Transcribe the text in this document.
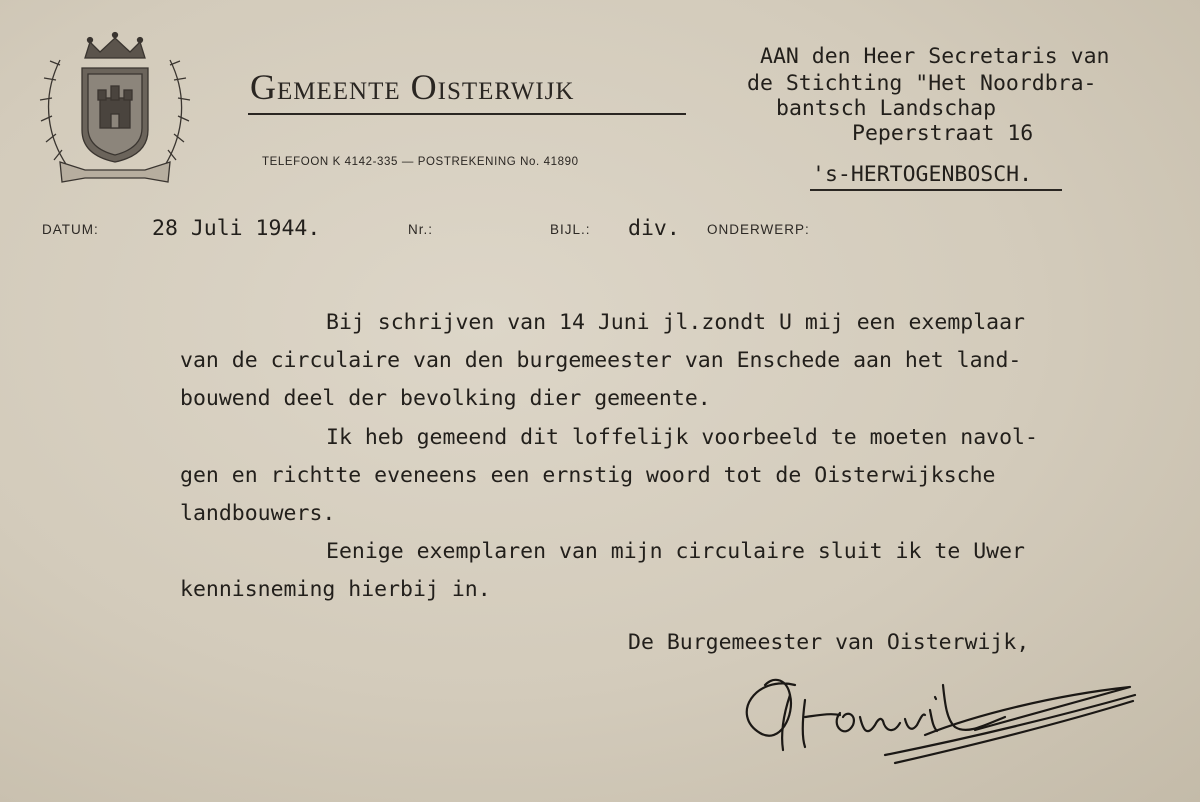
Gemeente Oisterwijk
TELEFOON K 4142-335 — POSTREKENING No. 41890
AAN den Heer Secretaris van
de Stichting "Het Noordbra-
bantsch Landschap
Peperstraat 16
's-HERTOGENBOSCH.
DATUM: 28 Juli 1944.	Nr.:	BIJL.: div. ONDERWERP:
Bij schrijven van 14 Juni jl.zondt U mij een exemplaar
van de circulaire van den burgemeester van Enschede aan het land-
bouwend deel der bevolking dier gemeente.
Ik heb gemeend dit loffelijk voorbeeld te moeten navol-
gen en richtte eveneens een ernstig woord tot de Oisterwijksche
landbouwers.
Eenige exemplaren van mijn circulaire sluit ik te Uwer
kennisneming hierbij in.
De Burgemeester van Oisterwijk,
